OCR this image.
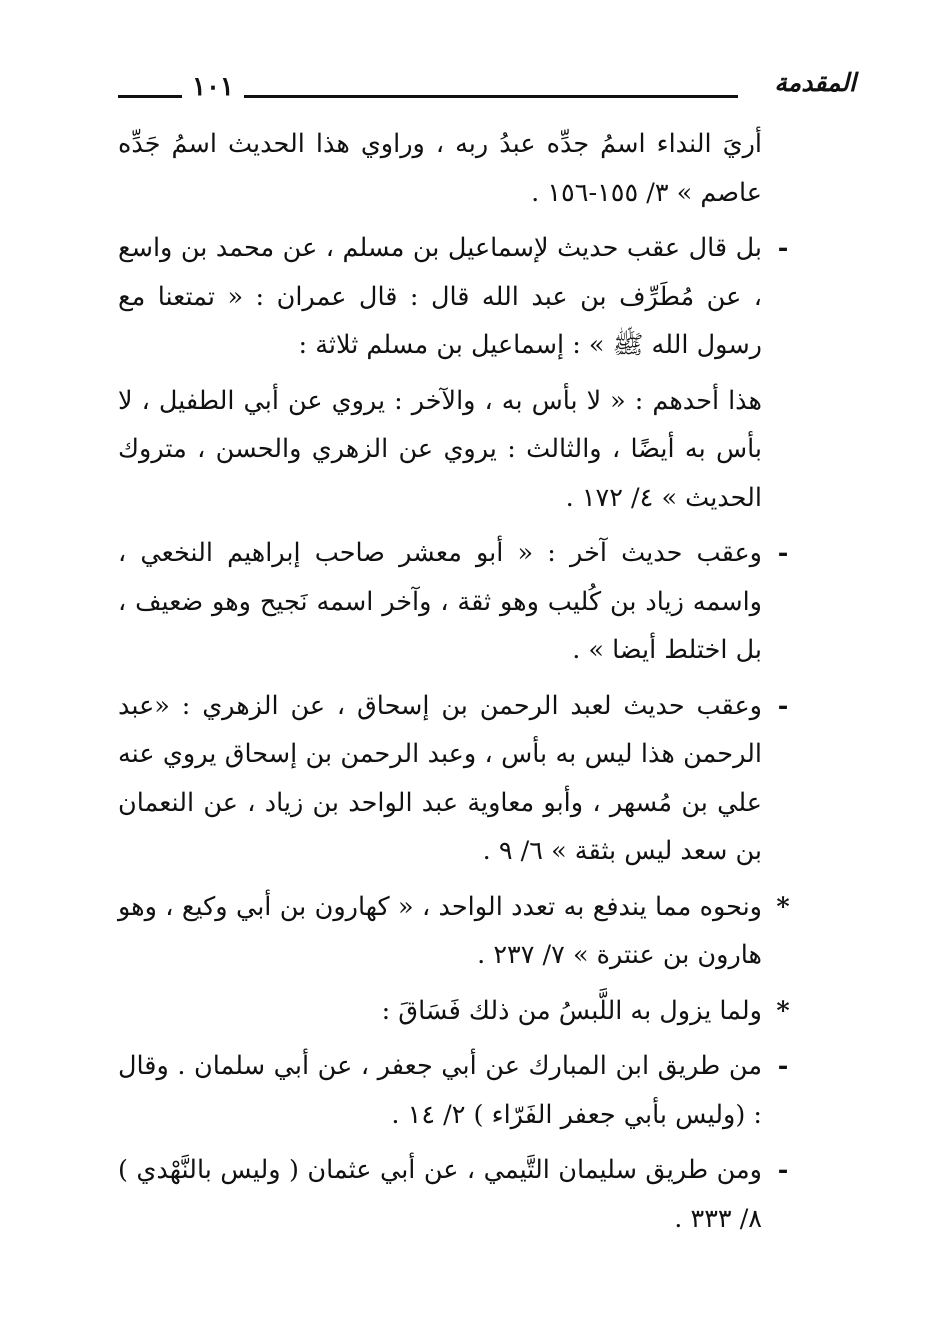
١٠١	المقدمة

أريَ النداء اسمُ جدِّه عبدُ ربه ، وراوي هذا الحديث اسمُ جَدِّه عاصم » ٣/ ١٥٥-١٥٦ .

-
بل قال عقب حديث لإسماعيل بن مسلم ، عن محمد بن واسع ، عن مُطَرِّف بن عبد الله قال : قال عمران : « تمتعنا مع رسول الله ﷺ » : إسماعيل بن مسلم ثلاثة :

هذا أحدهم : « لا بأس به ، والآخر : يروي عن أبي الطفيل ، لا بأس به أيضًا ، والثالث : يروي عن الزهري والحسن ، متروك الحديث » ٤/ ١٧٢ .

-
وعقب حديث آخر : « أبو معشر صاحب إبراهيم النخعي ، واسمه زياد بن كُليب وهو ثقة ، وآخر اسمه نَجيح وهو ضعيف ، بل اختلط أيضا » .

-
وعقب حديث لعبد الرحمن بن إسحاق ، عن الزهري : «عبد الرحمن هذا ليس به بأس ، وعبد الرحمن بن إسحاق يروي عنه علي بن مُسهر ، وأبو معاوية عبد الواحد بن زياد ، عن النعمان بن سعد ليس بثقة » ٦/ ٩ .

*
ونحوه مما يندفع به تعدد الواحد ، « كهارون بن أبي وكيع ، وهو هارون بن عنترة » ٧/ ٢٣٧ .

*
ولما يزول به اللَّبسُ من ذلك فَسَاقَ :

-
من طريق ابن المبارك عن أبي جعفر ، عن أبي سلمان . وقال : (وليس بأبي جعفر الفَرّاء ) ٢/ ١٤ .

-
ومن طريق سليمان التَّيمي ، عن أبي عثمان ( وليس بالنَّهْدي ) ٨/ ٣٣٣ .
